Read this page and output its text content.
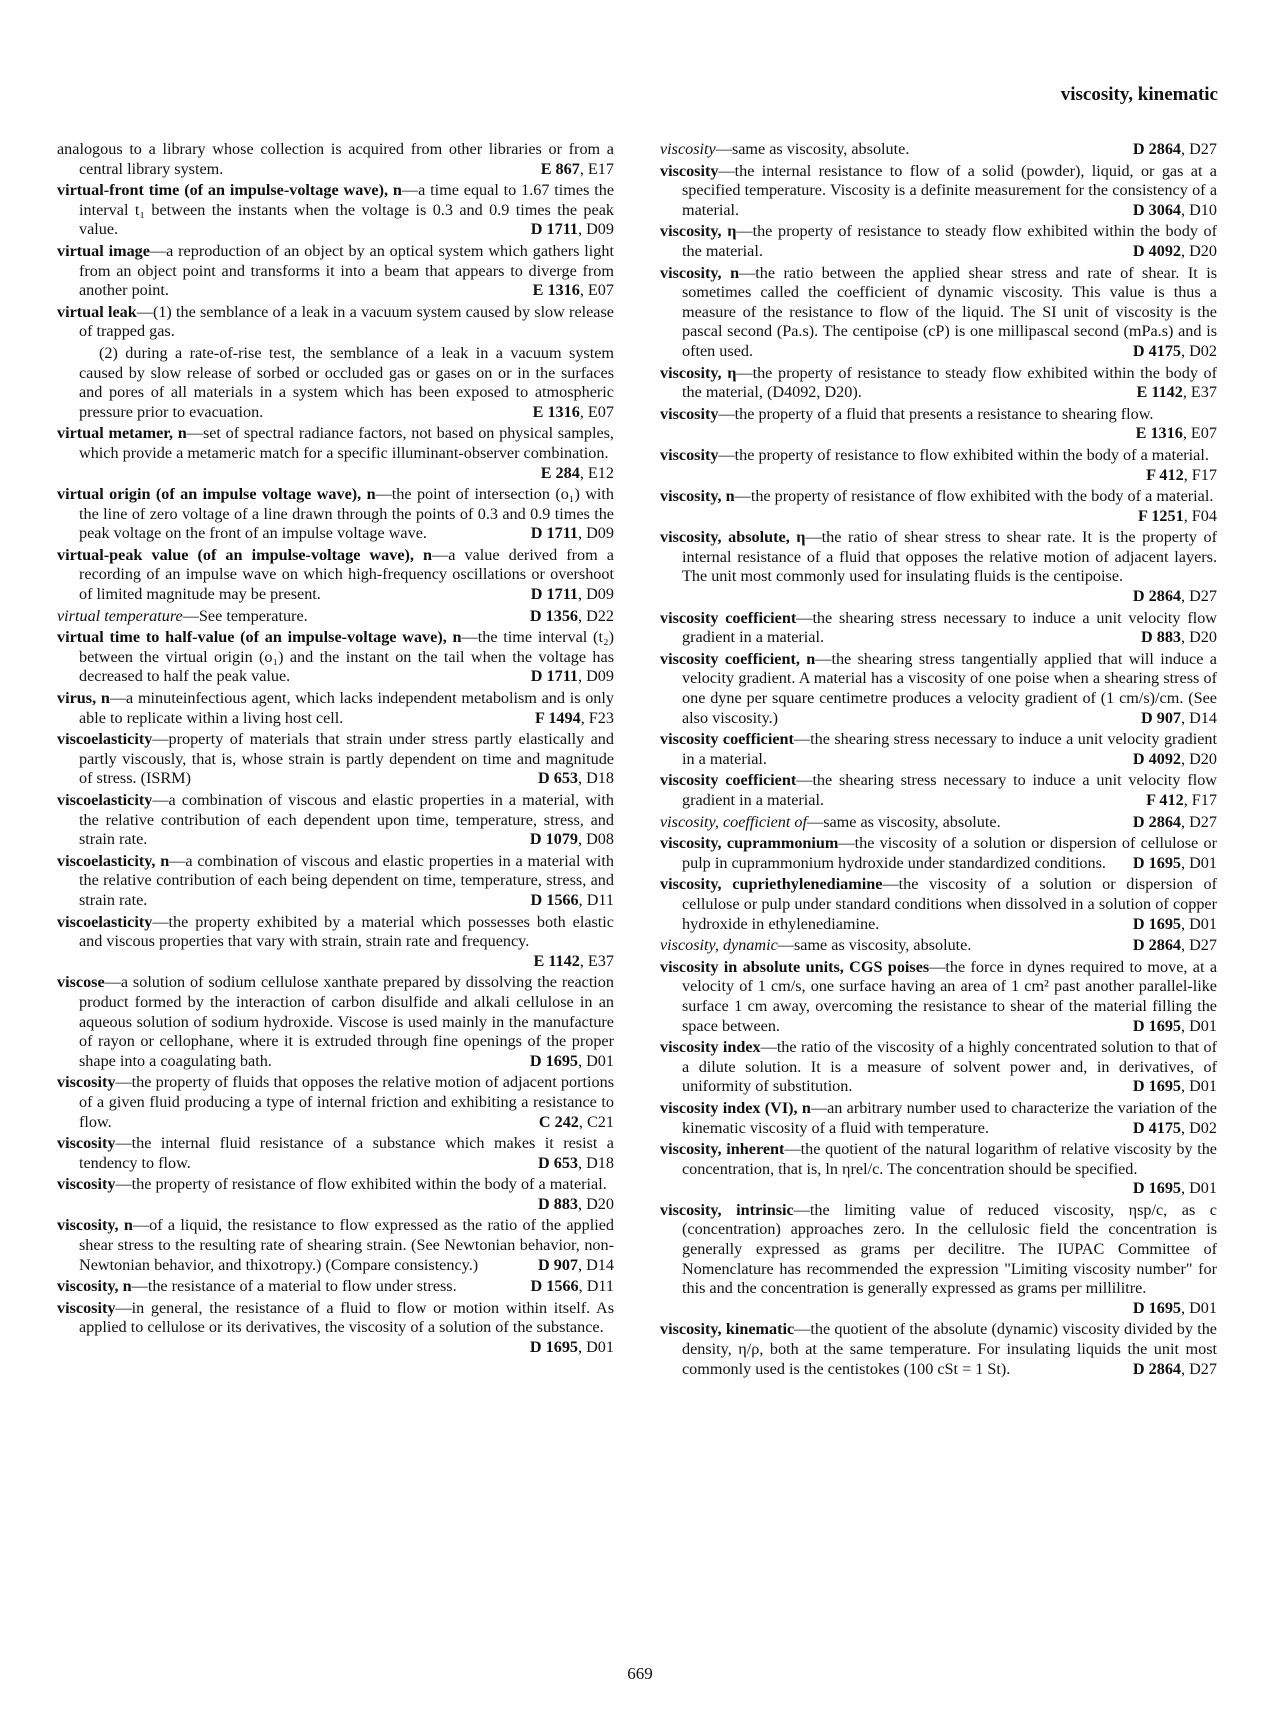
viscosity, kinematic
analogous to a library whose collection is acquired from other libraries or from a central library system.	E 867, E17
virtual-front time (of an impulse-voltage wave), n—a time equal to 1.67 times the interval t₁ between the instants when the voltage is 0.3 and 0.9 times the peak value.	D 1711, D09
virtual image—a reproduction of an object by an optical system which gathers light from an object point and transforms it into a beam that appears to diverge from another point.	E 1316, E07
virtual leak—(1) the semblance of a leak in a vacuum system caused by slow release of trapped gas.
(2) during a rate-of-rise test, the semblance of a leak in a vacuum system caused by slow release of sorbed or occluded gas or gases on or in the surfaces and pores of all materials in a system which has been exposed to atmospheric pressure prior to evacuation.	E 1316, E07
virtual metamer, n—set of spectral radiance factors, not based on physical samples, which provide a metameric match for a specific illuminant-observer combination.
E 284, E12
virtual origin (of an impulse voltage wave), n—the point of intersection (o₁) with the line of zero voltage of a line drawn through the points of 0.3 and 0.9 times the peak voltage on the front of an impulse voltage wave.	D 1711, D09
virtual-peak value (of an impulse-voltage wave), n—a value derived from a recording of an impulse wave on which high-frequency oscillations or overshoot of limited magnitude may be present.	D 1711, D09
virtual temperature—See temperature.	D 1356, D22
virtual time to half-value (of an impulse-voltage wave), n—the time interval (t₂) between the virtual origin (o₁) and the instant on the tail when the voltage has decreased to half the peak value.	D 1711, D09
virus, n—a minuteinfectious agent, which lacks independent metabolism and is only able to replicate within a living host cell.	F 1494, F23
viscoelasticity—property of materials that strain under stress partly elastically and partly viscously, that is, whose strain is partly dependent on time and magnitude of stress. (ISRM)	D 653, D18
viscoelasticity—a combination of viscous and elastic properties in a material, with the relative contribution of each dependent upon time, temperature, stress, and strain rate.	D 1079, D08
viscoelasticity, n—a combination of viscous and elastic properties in a material with the relative contribution of each being dependent on time, temperature, stress, and strain rate.	D 1566, D11
viscoelasticity—the property exhibited by a material which possesses both elastic and viscous properties that vary with strain, strain rate and frequency.
E 1142, E37
viscose—a solution of sodium cellulose xanthate prepared by dissolving the reaction product formed by the interaction of carbon disulfide and alkali cellulose in an aqueous solution of sodium hydroxide. Viscose is used mainly in the manufacture of rayon or cellophane, where it is extruded through fine openings of the proper shape into a coagulating bath.	D 1695, D01
viscosity—the property of fluids that opposes the relative motion of adjacent portions of a given fluid producing a type of internal friction and exhibiting a resistance to flow.	C 242, C21
viscosity—the internal fluid resistance of a substance which makes it resist a tendency to flow.	D 653, D18
viscosity—the property of resistance of flow exhibited within the body of a material.
D 883, D20
viscosity, n—of a liquid, the resistance to flow expressed as the ratio of the applied shear stress to the resulting rate of shearing strain. (See Newtonian behavior, non-Newtonian behavior, and thixotropy.) (Compare consistency.)	D 907, D14
viscosity, n—the resistance of a material to flow under stress.	D 1566, D11
viscosity—in general, the resistance of a fluid to flow or motion within itself. As applied to cellulose or its derivatives, the viscosity of a solution of the substance.
D 1695, D01
viscosity—same as viscosity, absolute.	D 2864, D27
viscosity—the internal resistance to flow of a solid (powder), liquid, or gas at a specified temperature. Viscosity is a definite measurement for the consistency of a material.	D 3064, D10
viscosity, η—the property of resistance to steady flow exhibited within the body of the material.	D 4092, D20
viscosity, n—the ratio between the applied shear stress and rate of shear. It is sometimes called the coefficient of dynamic viscosity. This value is thus a measure of the resistance to flow of the liquid. The SI unit of viscosity is the pascal second (Pa.s). The centipoise (cP) is one millipascal second (mPa.s) and is often used.	D 4175, D02
viscosity, η—the property of resistance to steady flow exhibited within the body of the material, (D4092, D20).	E 1142, E37
viscosity—the property of a fluid that presents a resistance to shearing flow.
E 1316, E07
viscosity—the property of resistance to flow exhibited within the body of a material.
F 412, F17
viscosity, n—the property of resistance of flow exhibited with the body of a material.
F 1251, F04
viscosity, absolute, η—the ratio of shear stress to shear rate. It is the property of internal resistance of a fluid that opposes the relative motion of adjacent layers. The unit most commonly used for insulating fluids is the centipoise.
D 2864, D27
viscosity coefficient—the shearing stress necessary to induce a unit velocity flow gradient in a material.	D 883, D20
viscosity coefficient, n—the shearing stress tangentially applied that will induce a velocity gradient. A material has a viscosity of one poise when a shearing stress of one dyne per square centimetre produces a velocity gradient of (1 cm/s)/cm. (See also viscosity.)	D 907, D14
viscosity coefficient—the shearing stress necessary to induce a unit velocity gradient in a material.	D 4092, D20
viscosity coefficient—the shearing stress necessary to induce a unit velocity flow gradient in a material.	F 412, F17
viscosity, coefficient of—same as viscosity, absolute.	D 2864, D27
viscosity, cuprammonium—the viscosity of a solution or dispersion of cellulose or pulp in cuprammonium hydroxide under standardized conditions. D 1695, D01
viscosity, cupriethylenediamine—the viscosity of a solution or dispersion of cellulose or pulp under standard conditions when dissolved in a solution of copper hydroxide in ethylenediamine.	D 1695, D01
viscosity, dynamic—same as viscosity, absolute.	D 2864, D27
viscosity in absolute units, CGS poises—the force in dynes required to move, at a velocity of 1 cm/s, one surface having an area of 1 cm² past another parallel-like surface 1 cm away, overcoming the resistance to shear of the material filling the space between.	D 1695, D01
viscosity index—the ratio of the viscosity of a highly concentrated solution to that of a dilute solution. It is a measure of solvent power and, in derivatives, of uniformity of substitution.	D 1695, D01
viscosity index (VI), n—an arbitrary number used to characterize the variation of the kinematic viscosity of a fluid with temperature.	D 4175, D02
viscosity, inherent—the quotient of the natural logarithm of relative viscosity by the concentration, that is, ln ηrel/c. The concentration should be specified.
D 1695, D01
viscosity, intrinsic—the limiting value of reduced viscosity, ηsp/c, as c (concentration) approaches zero. In the cellulosic field the concentration is generally expressed as grams per decilitre. The IUPAC Committee of Nomenclature has recommended the expression "Limiting viscosity number" for this and the concentration is generally expressed as grams per millilitre.
D 1695, D01
viscosity, kinematic—the quotient of the absolute (dynamic) viscosity divided by the density, η/ρ, both at the same temperature. For insulating liquids the unit most commonly used is the centistokes (100 cSt = 1 St).	D 2864, D27
669
